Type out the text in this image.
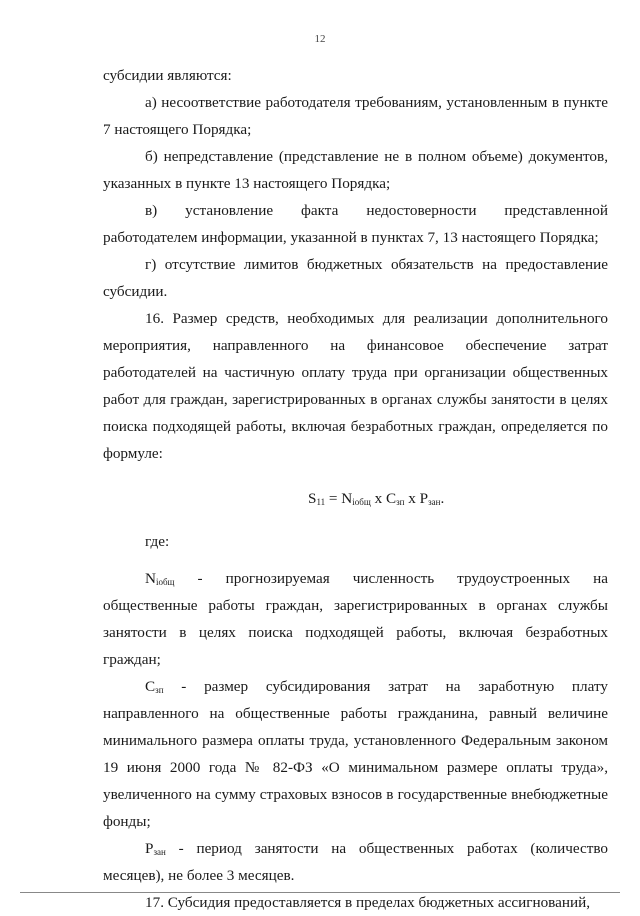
12

субсидии являются:

а) несоответствие работодателя требованиям, установленным в пункте 7 настоящего Порядка;

б) непредставление (представление не в полном объеме) документов, указанных в пункте 13 настоящего Порядка;

в) установление факта недостоверности представленной работодателем информации, указанной в пунктах 7, 13 настоящего Порядка;

г) отсутствие лимитов бюджетных обязательств на предоставление субсидии.

16. Размер средств, необходимых для реализации дополнительного мероприятия, направленного на финансовое обеспечение затрат работодателей на частичную оплату труда при организации общественных работ для граждан, зарегистрированных в органах службы занятости в целях поиска подходящей работы, включая безработных граждан, определяется по формуле:

$S_{11} = N_{iобщ}$ x $C_{зп}$ x $P_{зан}$.

где:

$N_{iобщ}$ - прогнозируемая численность трудоустроенных на общественные работы граждан, зарегистрированных в органах службы занятости в целях поиска подходящей работы, включая безработных граждан;

$C_{зп}$ - размер субсидирования затрат на заработную плату направленного на общественные работы гражданина, равный величине минимального размера оплаты труда, установленного Федеральным законом 19 июня 2000 года № 82-ФЗ «О минимальном размере оплаты труда», увеличенного на сумму страховых взносов в государственные внебюджетные фонды;

$P_{зан}$ - период занятости на общественных работах (количество месяцев), не более 3 месяцев.

17. Субсидия предоставляется в пределах бюджетных ассигнований,
